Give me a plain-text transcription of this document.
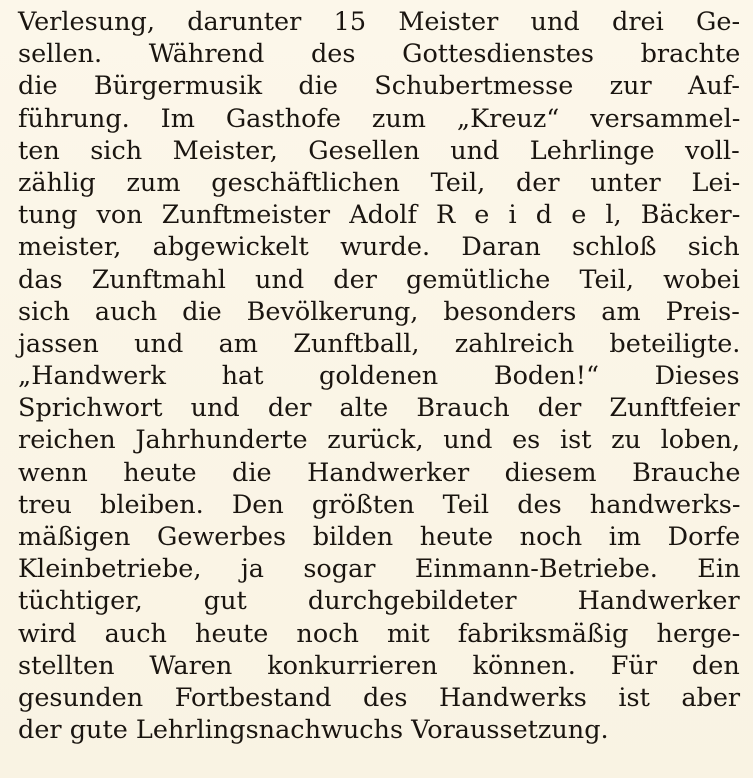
Verlesung, darunter 15 Meister und drei Ge-
sellen. Während des Gottesdienstes brachte
die Bürgermusik die Schubertmesse zur Auf-
führung. Im Gasthofe zum „Kreuz“ versammel-
ten sich Meister, Gesellen und Lehrlinge voll-
zählig zum geschäftlichen Teil, der unter Lei-
tung von Zunftmeister Adolf R e i d e l, Bäcker-
meister, abgewickelt wurde. Daran schloß sich
das Zunftmahl und der gemütliche Teil, wobei
sich auch die Bevölkerung, besonders am Preis-
jassen und am Zunftball, zahlreich beteiligte.
„Handwerk hat goldenen Boden!“ Dieses
Sprichwort und der alte Brauch der Zunftfeier
reichen Jahrhunderte zurück, und es ist zu loben,
wenn heute die Handwerker diesem Brauche
treu bleiben. Den größten Teil des handwerks-
mäßigen Gewerbes bilden heute noch im Dorfe
Kleinbetriebe, ja sogar Einmann-Betriebe. Ein
tüchtiger, gut durchgebildeter Handwerker
wird auch heute noch mit fabriksmäßig herge-
stellten Waren konkurrieren können. Für den
gesunden Fortbestand des Handwerks ist aber
der gute Lehrlingsnachwuchs Voraussetzung.
